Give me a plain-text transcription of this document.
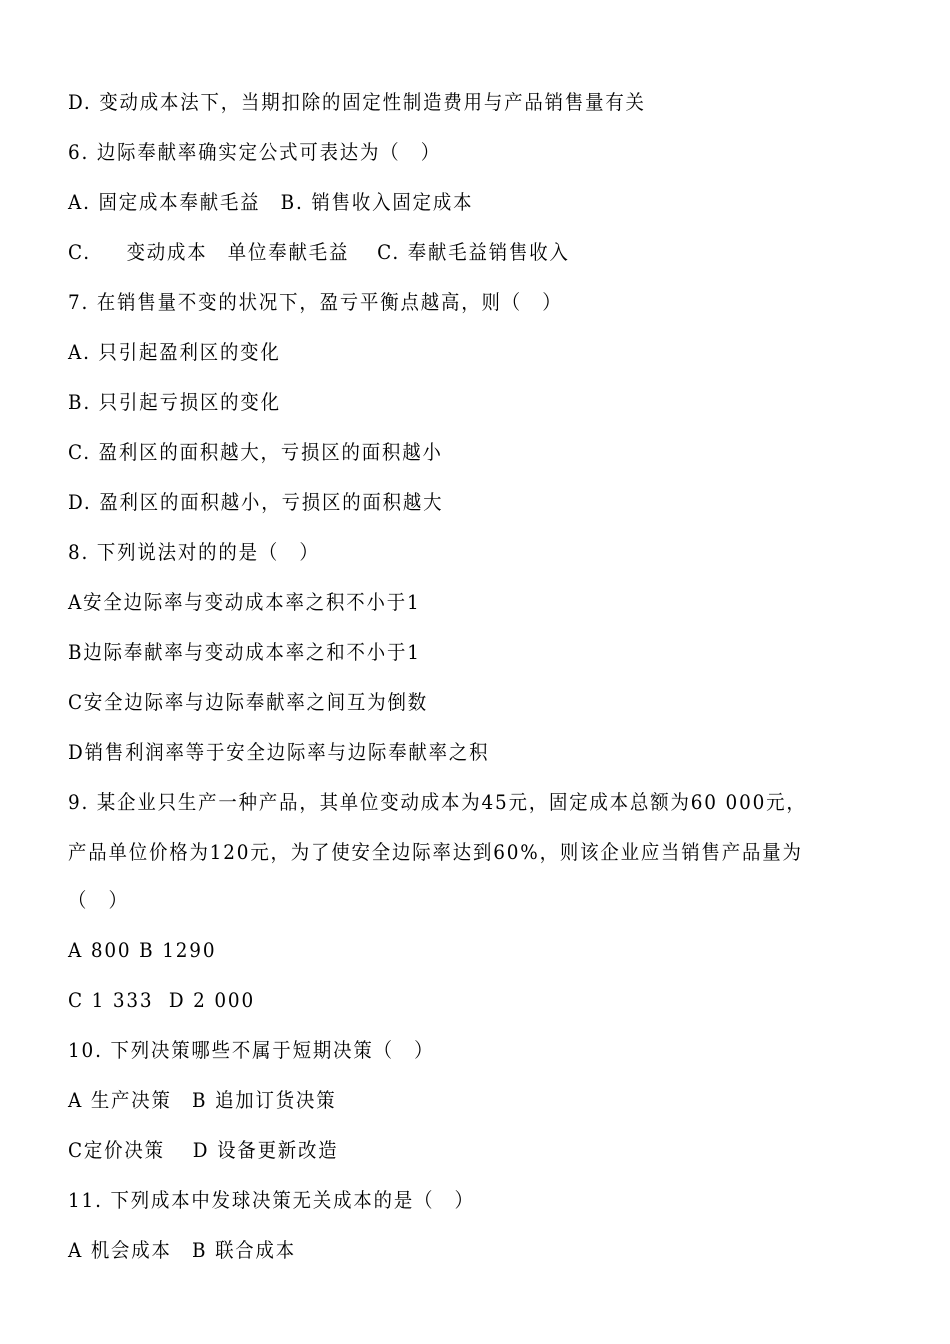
D. 变动成本法下，当期扣除的固定性制造费用与产品销售量有关
6. 边际奉献率确实定公式可表达为（　）
A. 固定成本奉献毛益　B. 销售收入固定成本
C.　  变动成本　单位奉献毛益　 C. 奉献毛益销售收入
7. 在销售量不变的状况下，盈亏平衡点越高，则（　）
A. 只引起盈利区的变化
B. 只引起亏损区的变化
C. 盈利区的面积越大，亏损区的面积越小
D. 盈利区的面积越小，亏损区的面积越大
8. 下列说法对的的是（　）
A安全边际率与变动成本率之积不小于1
B边际奉献率与变动成本率之和不小于1
C安全边际率与边际奉献率之间互为倒数
D销售利润率等于安全边际率与边际奉献率之积
9. 某企业只生产一种产品，其单位变动成本为45元，固定成本总额为60 000元，
产品单位价格为120元，为了使安全边际率达到60%，则该企业应当销售产品量为
（　）
A 800 B 1290
C 1 333  D 2 000
10. 下列决策哪些不属于短期决策（　）
A 生产决策　B 追加订货决策
C定价决策　 D 设备更新改造
11. 下列成本中发球决策无关成本的是（　）
A 机会成本　B 联合成本
